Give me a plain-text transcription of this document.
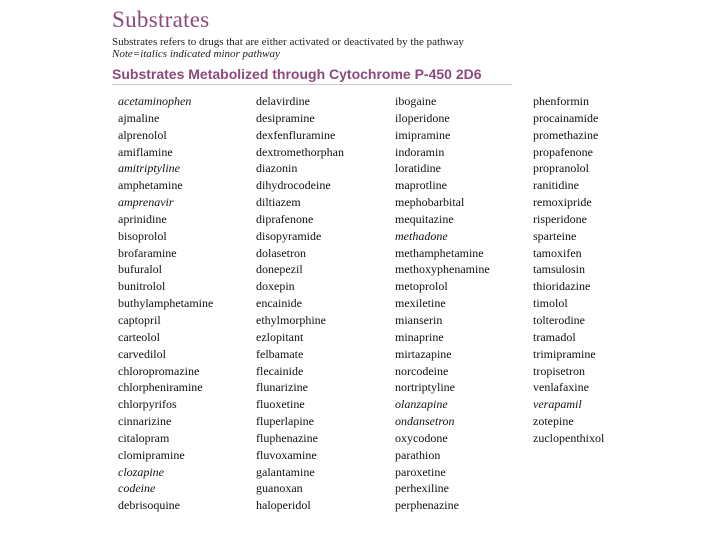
Substrates
Substrates refers to drugs that are either activated or deactivated by the pathway
Note=italics indicated minor pathway
Substrates Metabolized through Cytochrome P-450 2D6
acetaminophen
ajmaline
alprenolol
amiflamine
amitriptyline
amphetamine
amprenavir
aprinidine
bisoprolol
brofaramine
bufuralol
bunitrolol
buthylamphetamine
captopril
carteolol
carvedilol
chloropromazine
chlorpheniramine
chlorpyrifos
cinnarizine
citalopram
clomipramine
clozapine
codeine
debrisoquine
delavirdine
desipramine
dexfenfluramine
dextromethorphan
diazonin
dihydrocodeine
diltiazem
diprafenone
disopyramide
dolasetron
donepezil
doxepin
encainide
ethylmorphine
ezlopitant
felbamate
flecainide
flunarizine
fluoxetine
fluperlapine
fluphenazine
fluvoxamine
galantamine
guanoxan
haloperidol
ibogaine
iloperidone
imipramine
indoramin
loratidine
maprotline
mephobarbital
mequitazine
methadone
methamphetamine
methoxyphenamine
metoprolol
mexiletine
mianserin
minaprine
mirtazapine
norcodeine
nortriptyline
olanzapine
ondansetron
oxycodone
parathion
paroxetine
perhexiline
perphenazine
phenformin
procainamide
promethazine
propafenone
propranolol
ranitidine
remoxipride
risperidone
sparteine
tamoxifen
tamsulosin
thioridazine
timolol
tolterodine
tramadol
trimipramine
tropisetron
venlafaxine
verapamil
zotepine
zuclopenthixol
